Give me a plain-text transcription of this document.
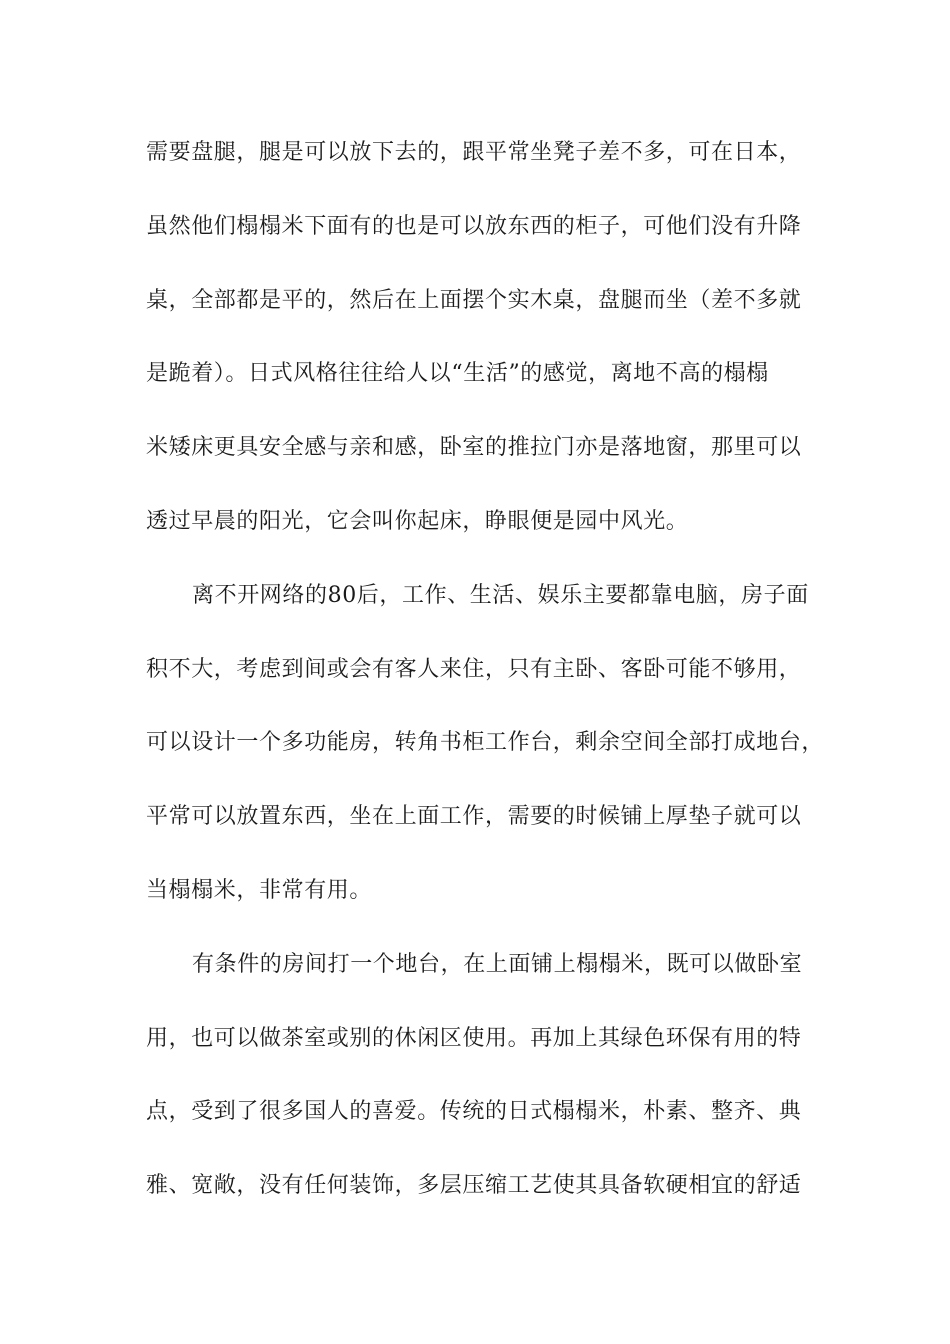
需要盘腿，腿是可以放下去的，跟平常坐凳子差不多，可在日本，
虽然他们榻榻米下面有的也是可以放东西的柜子，可他们没有升降
桌，全部都是平的，然后在上面摆个实木桌，盘腿而坐（差不多就
是跪着）。日式风格往往给人以“生活”的感觉，离地不高的榻榻
米矮床更具安全感与亲和感，卧室的推拉门亦是落地窗，那里可以
透过早晨的阳光，它会叫你起床，睁眼便是园中风光。
离不开网络的80后，工作、生活、娱乐主要都靠电脑，房子面
积不大，考虑到间或会有客人来住，只有主卧、客卧可能不够用，
可以设计一个多功能房，转角书柜工作台，剩余空间全部打成地台，
平常可以放置东西，坐在上面工作，需要的时候铺上厚垫子就可以
当榻榻米，非常有用。
有条件的房间打一个地台，在上面铺上榻榻米，既可以做卧室
用，也可以做茶室或别的休闲区使用。再加上其绿色环保有用的特
点，受到了很多国人的喜爱。传统的日式榻榻米，朴素、整齐、典
雅、宽敞，没有任何装饰，多层压缩工艺使其具备软硬相宜的舒适
